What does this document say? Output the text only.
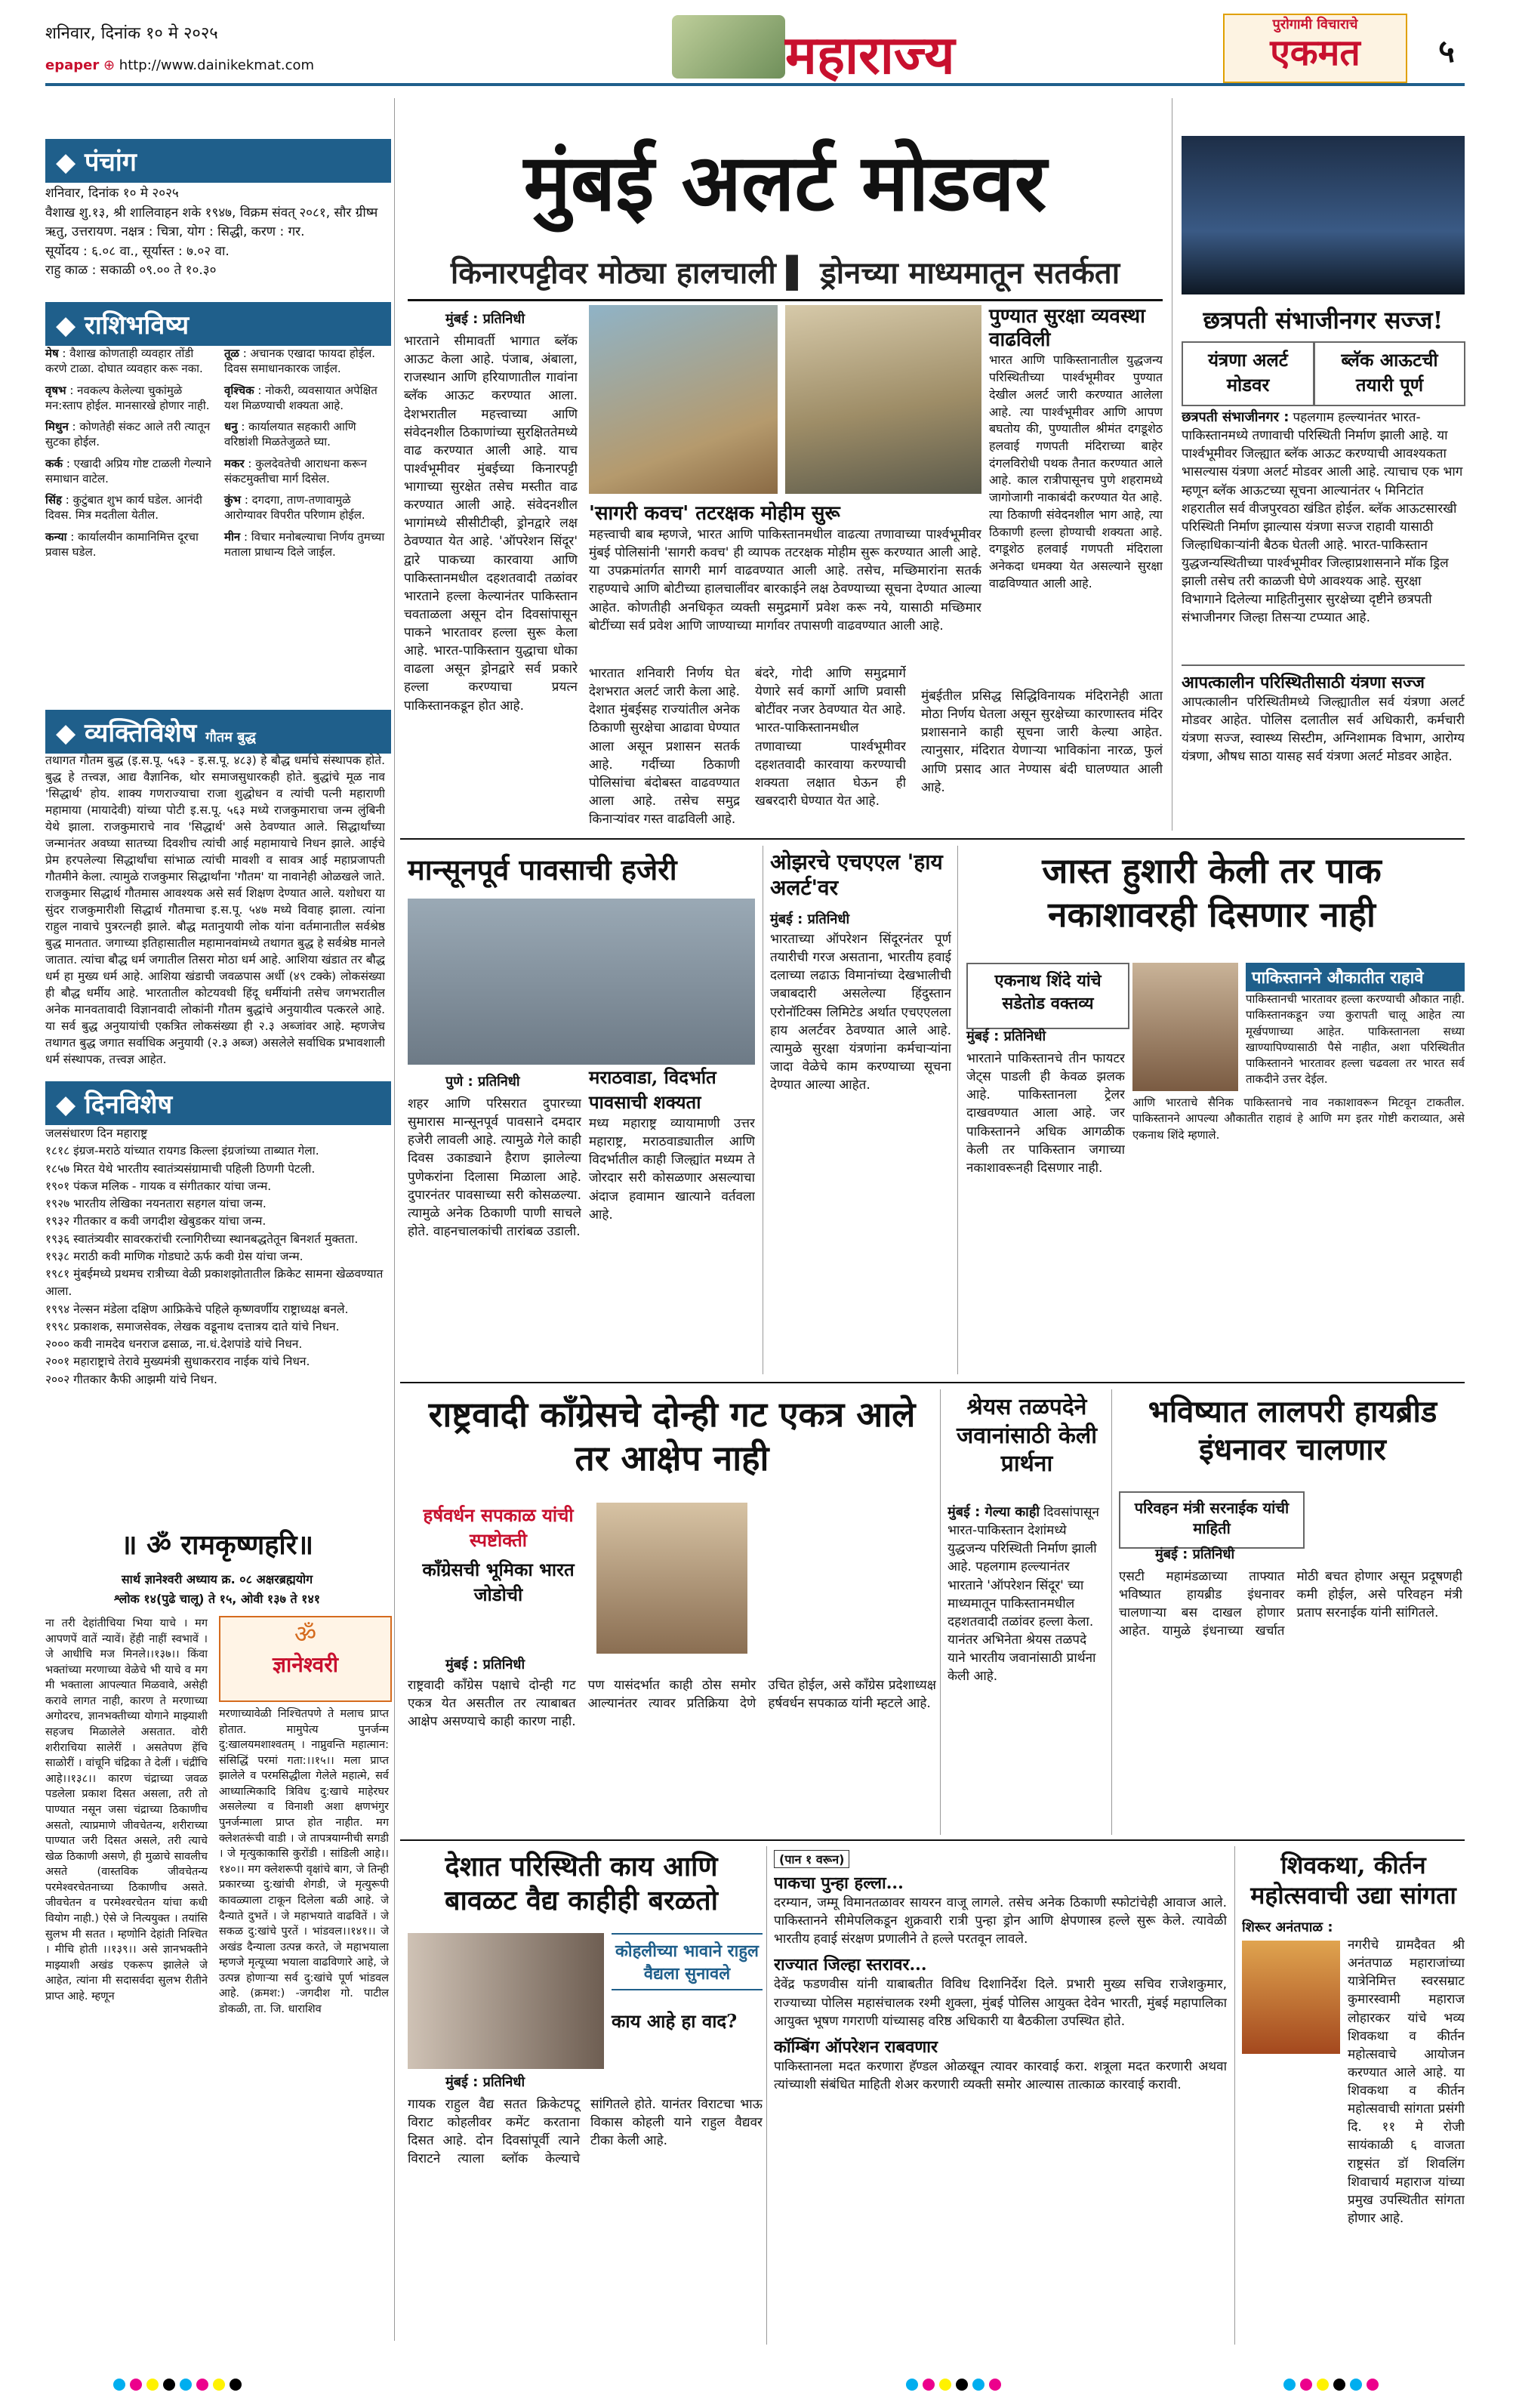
शनिवार, दिनांक १० मे २०२५
epaper ⊕ http://www.dainikekmat.com	महाराज्य	पुरोगामी विचाराचे
एकमत	५
◆ पंचांग
शनिवार, दिनांक १० मे २०२५
वैशाख शु.१३, श्री शालिवाहन शके १९४७, विक्रम संवत् २०८१, सौर ग्रीष्म ऋतु, उत्तरायण. नक्षत्र : चित्रा, योग : सिद्धी, करण : गर.
सूर्योदय : ६.०८ वा., सूर्यास्त : ७.०२ वा.
राहु काळ : सकाळी ०९.०० ते १०.३०
◆ राशिभविष्य
मेष : वैशाख कोणताही व्यवहार तोंडी करणे टाळा. दोघात व्यवहार करू नका.
तूळ : अचानक एखादा फायदा होईल. दिवस समाधानकारक जाईल.
वृषभ : नवकल्प केलेल्या चुकांमुळे मन:स्ताप होईल. मानसारखे होणार नाही.
वृश्चिक : नोकरी, व्यवसायात अपेक्षित यश मिळण्याची शक्यता आहे.
मिथुन : कोणतेही संकट आले तरी त्यातून सुटका होईल.
धनु : कार्यालयात सहकारी आणि वरिष्ठांशी मिळतेजुळते घ्या.
कर्क : एखादी अप्रिय गोष्ट टाळली गेल्याने समाधान वाटेल.
मकर : कुलदेवतेची आराधना करून संकटमुक्तीचा मार्ग दिसेल.
सिंह : कुटुंबात शुभ कार्य घडेल. आनंदी दिवस. मित्र मदतीला येतील.
कुंभ : दगदगा, ताण-तणावामुळे आरोग्यावर विपरीत परिणाम होईल.
कन्या : कार्यालयीन कामानिमित्त दूरचा प्रवास घडेल.
मीन : विचार मनोबल्याचा निर्णय तुमच्या मताला प्राधान्य दिले जाईल.
◆ व्यक्तिविशेष गौतम बुद्ध
तथागत गौतम बुद्ध (इ.स.पू. ५६३ - इ.स.पू. ४८३) हे बौद्ध धर्माचे संस्थापक होते. बुद्ध हे तत्त्वज्ञ, आद्य वैज्ञानिक, थोर समाजसुधारकही होते. बुद्धांचे मूळ नाव 'सिद्धार्थ' होय. शाक्य गणराज्याचा राजा शुद्धोधन व त्यांची पत्नी महाराणी महामाया (मायादेवी) यांच्या पोटी इ.स.पू. ५६३ मध्ये राजकुमाराचा जन्म लुंबिनी येथे झाला. राजकुमाराचे नाव 'सिद्धार्थ' असे ठेवण्यात आले. सिद्धार्थांच्या जन्मानंतर अवघ्या सातच्या दिवशीच त्यांची आई महामायाचे निधन झाले. आईचे प्रेम हरपलेल्या सिद्धार्थांचा सांभाळ त्यांची मावशी व सावत्र आई महाप्रजापती गौतमीने केला. त्यामुळे राजकुमार सिद्धार्थांना 'गौतम' या नावानेही ओळखले जाते. राजकुमार सिद्धार्थ गौतमास आवश्यक असे सर्व शिक्षण देण्यात आले. यशोधरा या सुंदर राजकुमारीशी सिद्धार्थ गौतमाचा इ.स.पू. ५४७ मध्ये विवाह झाला. त्यांना राहुल नावाचे पुत्ररत्नही झाले. बौद्ध मतानुयायी लोक यांना वर्तमानातील सर्वश्रेष्ठ बुद्ध मानतात. जगाच्या इतिहासातील महामानवांमध्ये तथागत बुद्ध हे सर्वश्रेष्ठ मानले जातात. त्यांचा बौद्ध धर्म जगातील तिसरा मोठा धर्म आहे. आशिया खंडात तर बौद्ध धर्म हा मुख्य धर्म आहे. आशिया खंडाची जवळपास अर्धी (४९ टक्के) लोकसंख्या ही बौद्ध धर्मीय आहे. भारतातील कोटयवधी हिंदू धर्मीयांनी तसेच जगभरातील अनेक मानवतावादी विज्ञानवादी लोकांनी गौतम बुद्धांचे अनुयायीत्व पत्करले आहे. या सर्व बुद्ध अनुयायांची एकत्रित लोकसंख्या ही २.३ अब्जांवर आहे. म्हणजेच तथागत बुद्ध जगात सर्वाधिक अनुयायी (२.३ अब्ज) असलेले सर्वाधिक प्रभावशाली धर्म संस्थापक, तत्त्वज्ञ आहेत.
◆ दिनविशेष
जलसंधारण दिन महाराष्ट्र
१८१८ इंग्रज-मराठे यांच्यात रायगड किल्ला इंग्रजांच्या ताब्यात गेला.
१८५७ मिरत येथे भारतीय स्वातंत्र्यसंग्रामाची पहिली ठिणगी पेटली.
१९०१ पंकज मलिक - गायक व संगीतकार यांचा जन्म.
१९२७ भारतीय लेखिका नयनतारा सहगल यांचा जन्म.
१९३२ गीतकार व कवी जगदीश खेबुडकर यांचा जन्म.
१९३६ स्वातंत्र्यवीर सावरकरांची रत्नागिरीच्या स्थानबद्धतेतून बिनशर्त मुक्तता.
१९३८ मराठी कवी माणिक गोडघाटे ऊर्फ कवी ग्रेस यांचा जन्म.
१९८१ मुंबईमध्ये प्रथमच रात्रीच्या वेळी प्रकाशझोतातील क्रिकेट सामना खेळवण्यात आला.
१९९४ नेल्सन मंडेला दक्षिण आफ्रिकेचे पहिले कृष्णवर्णीय राष्ट्राध्यक्ष बनले.
१९९८ प्रकाशक, समाजसेवक, लेखक वडूनाथ दत्तात्रय दाते यांचे निधन.
२००० कवी नामदेव धनराज ढसाळ, ना.धं.देशपांडे यांचे निधन.
२००१ महाराष्ट्राचे तेरावे मुख्यमंत्री सुधाकरराव नाईक यांचे निधन.
२००२ गीतकार कैफी आझमी यांचे निधन.
॥ ॐ रामकृष्णहरि॥
सार्थ ज्ञानेश्वरी अध्याय क्र. ०८ अक्षरब्रह्मयोग
श्लोक १४(पुढे चालू) ते १५, ओवी १३७ ते १४१
ना तरी देहांतीचिया भिया याचे । मग आपणपें वातें न्यावें। हेंही नाहीं स्वभावें । जे आधीचि मज मिनले।।१३७।। किंवा भक्तांच्या मरणाच्या वेळेचे भी याचे व मग मी भक्ताला आपल्यात मिळवावे, असेही करावे लागत नाही, कारण ते मरणाच्या अगोदरच, ज्ञानभक्तीच्या योगाने माझ्याशी सहजच मिळालेले असतात. वोरी शरीराचिया सालेरीं । असतेपण हेंचि साळोरीं । वांचूनि चंद्रिका ते देलीं । चंद्रींचि आहे।।१३८।। कारण चंद्राच्या जवळ पडलेला प्रकाश दिसत असला, तरी तो पाण्यात नसून जसा चंद्राच्या ठिकाणीच असतो, त्याप्रमाणे जीवचेतन्य, शरीराच्या पाण्यात जरी दिसत असले, तरी त्याचे खेळ ठिकाणी असणे, ही मुळाचे सावलीच असते (वास्तविक जीवचेतन्य परमेश्वरचेतनाच्या ठिकाणीच असते. जीवचेतन व परमेश्वरचेतन यांचा कधी वियोग नाही.) ऐसे जे नित्ययुक्त । तयांसि सुलभ मी सतत । म्हणोनि देहांती निश्चित । मीचि होती ।।१३९।। असे ज्ञानभक्तीने माझ्याशी अखंड एकरूप झालेले जे आहेत, त्यांना मी सदासर्वदा सुलभ रीतीने प्राप्त आहे. म्हणून
ॐ
ज्ञानेश्वरी
मरणाच्यावेळी निश्चितपणे ते मलाच प्राप्त होतात. मामुपेत्य पुनर्जन्म दु:खालयमशाश्वतम् । नाप्नुवन्ति महात्मान: संसिद्धिं परमां गता:।।१५।। मला प्राप्त झालेले व परमसिद्धीला गेलेले महात्मे, सर्व आध्यात्मिकादि त्रिविध दु:खाचे माहेरघर असलेल्या व विनाशी अशा क्षणभंगुर पुनर्जन्माला प्राप्त होत नाहीत. मग क्लेशतरूंची वाडी । जे तापत्रयाग्नीची सगडी । जे मृत्युकाकासि कुरोंडी । सांडिली आहे।।१४०।। मग क्लेशरूपी वृक्षांचे बाग, जे तिन्ही प्रकारच्या दु:खांची शेगडी, जे मृत्युरूपी कावळ्याला टाकून दिलेला बळी आहे. जे दैन्याते दुभतें । जे महाभयाते वाढवितें । जे सकळ दु:खांचे पुरतें । भांडवल।।१४१।। जे अखंड दैन्याला उत्पन्न करते, जे महाभयाला म्हणजे मृत्यूच्या भयाला वाढविणारे आहे, जे उत्पन्न होणाऱ्या सर्व दु:खांचे पूर्ण भांडवल आहे. (क्रमश:) -जगदीश गो. पाटील डोकळी, ता. जि. धाराशिव
मुंबई अलर्ट मोडवर
किनारपट्टीवर मोठ्या हालचाली ▌ ड्रोनच्या माध्यमातून सतर्कता
मुंबई : प्रतिनिधी
भारताने सीमावर्ती भागात ब्लॅक आऊट केला आहे. पंजाब, अंबाला, राजस्थान आणि हरियाणातील गावांना ब्लॅक आऊट करण्यात आला. देशभरातील महत्त्वाच्या आणि संवेदनशील ठिकाणांच्या सुरक्षिततेमध्ये वाढ करण्यात आली आहे. याच पार्श्वभूमीवर मुंबईच्या किनारपट्टी भागाच्या सुरक्षेत तसेच मस्तीत वाढ करण्यात आली आहे. संवेदनशील भागांमध्ये सीसीटीव्ही, ड्रोनद्वारे लक्ष ठेवण्यात येत आहे. 'ऑपरेशन सिंदूर' द्वारे पाकच्या कारवाया आणि पाकिस्तानमधील दहशतवादी तळांवर भारताने हल्ला केल्यानंतर पाकिस्तान चवताळला असून दोन दिवसांपासून पाकने भारतावर हल्ला सुरू केला आहे. भारत-पाकिस्तान युद्धाचा धोका वाढला असून ड्रोनद्वारे सर्व प्रकारे हल्ला करण्याचा प्रयत्न पाकिस्तानकडून होत आहे.
'सागरी कवच' तटरक्षक मोहीम सुरू
महत्त्वाची बाब म्हणजे, भारत आणि पाकिस्तानमधील वाढत्या तणावाच्या पार्श्वभूमीवर मुंबई पोलिसांनी 'सागरी कवच' ही व्यापक तटरक्षक मोहीम सुरू करण्यात आली आहे. या उपक्रमांतर्गत सागरी मार्ग वाढवण्यात आली आहे. तसेच, मच्छिमारांना सतर्क राहण्याचे आणि बोटीच्या हालचालींवर बारकाईने लक्ष ठेवण्याच्या सूचना देण्यात आल्या आहेत. कोणतीही अनधिकृत व्यक्ती समुद्रमार्गे प्रवेश करू नये, यासाठी मच्छिमार बोटींच्या सर्व प्रवेश आणि जाण्याच्या मार्गावर तपासणी वाढवण्यात आली आहे.
पुण्यात सुरक्षा व्यवस्था वाढविली
भारत आणि पाकिस्तानातील युद्धजन्य परिस्थितीच्या पार्श्वभूमीवर पुण्यात देखील अलर्ट जारी करण्यात आलेला आहे. त्या पार्श्वभूमीवर आणि आपण बघतोय की, पुण्यातील श्रीमंत दगडूशेठ हलवाई गणपती मंदिराच्या बाहेर दंगलविरोधी पथक तैनात करण्यात आले आहे. काल रात्रीपासूनच पुणे शहरामध्ये जागोजागी नाकाबंदी करण्यात येत आहे. त्या ठिकाणी संवेदनशील भाग आहे, त्या ठिकाणी हल्ला होण्याची शक्यता आहे. दगडूशेठ हलवाई गणपती मंदिराला अनेकदा धमक्या येत असल्याने सुरक्षा वाढविण्यात आली आहे.
भारतात शनिवारी निर्णय घेत देशभरात अलर्ट जारी केला आहे. देशात मुंबईसह राज्यांतील अनेक ठिकाणी सुरक्षेचा आढावा घेण्यात आला असून प्रशासन सतर्क आहे. गर्दीच्या ठिकाणी पोलिसांचा बंदोबस्त वाढवण्यात आला आहे. तसेच समुद्र किनाऱ्यांवर गस्त वाढविली आहे.
बंदरे, गोदी आणि समुद्रमार्गे येणारे सर्व कार्गो आणि प्रवासी बोटींवर नजर ठेवण्यात येत आहे. भारत-पाकिस्तानमधील तणावाच्या पार्श्वभूमीवर दहशतवादी कारवाया करण्याची शक्यता लक्षात घेऊन ही खबरदारी घेण्यात येत आहे.
मुंबईतील प्रसिद्ध सिद्धिविनायक मंदिरानेही आता मोठा निर्णय घेतला असून सुरक्षेच्या कारणास्तव मंदिर प्रशासनाने काही सूचना जारी केल्या आहेत. त्यानुसार, मंदिरात येणाऱ्या भाविकांना नारळ, फुलं आणि प्रसाद आत नेण्यास बंदी घालण्यात आली आहे.
छत्रपती संभाजीनगर सज्ज!
यंत्रणा अलर्ट मोडवर
ब्लॅक आऊटची तयारी पूर्ण
छत्रपती संभाजीनगर : पहलगाम हल्ल्यानंतर भारत-पाकिस्तानमध्ये तणावाची परिस्थिती निर्माण झाली आहे. या पार्श्वभूमीवर जिल्ह्यात ब्लॅक आऊट करण्याची आवश्यकता भासल्यास यंत्रणा अलर्ट मोडवर आली आहे. त्याचाच एक भाग म्हणून ब्लॅक आऊटच्या सूचना आल्यानंतर ५ मिनिटांत शहरातील सर्व वीजपुरवठा खंडित होईल. ब्लॅक आऊटसारखी परिस्थिती निर्माण झाल्यास यंत्रणा सज्ज राहावी यासाठी जिल्हाधिकाऱ्यांनी बैठक घेतली आहे. भारत-पाकिस्तान युद्धजन्यस्थितीच्या पार्श्वभूमीवर जिल्हाप्रशासनाने मॉक ड्रिल झाली तसेच तरी काळजी घेणे आवश्यक आहे. सुरक्षा विभागाने दिलेल्या माहितीनुसार सुरक्षेच्या दृष्टीने छत्रपती संभाजीनगर जिल्हा तिसऱ्या टप्प्यात आहे.
आपत्कालीन परिस्थितीसाठी यंत्रणा सज्ज
आपत्कालीन परिस्थितीमध्ये जिल्ह्यातील सर्व यंत्रणा अलर्ट मोडवर आहेत. पोलिस दलातील सर्व अधिकारी, कर्मचारी यंत्रणा सज्ज, स्वास्थ्य सिस्टीम, अग्निशामक विभाग, आरोग्य यंत्रणा, औषध साठा यासह सर्व यंत्रणा अलर्ट मोडवर आहेत.
मान्सूनपूर्व पावसाची हजेरी
पुणे : प्रतिनिधी
शहर आणि परिसरात दुपारच्या सुमारास मान्सूनपूर्व पावसाने दमदार हजेरी लावली आहे. त्यामुळे गेले काही दिवस उकाड्याने हैराण झालेल्या पुणेकरांना दिलासा मिळाला आहे. दुपारनंतर पावसाच्या सरी कोसळल्या. त्यामुळे अनेक ठिकाणी पाणी साचले होते. वाहनचालकांची तारांबळ उडाली.
मराठवाडा, विदर्भात पावसाची शक्यता
मध्य महाराष्ट्र व्यायामाणी उत्तर महाराष्ट्र, मराठवाड्यातील आणि विदर्भातील काही जिल्ह्यांत मध्यम ते जोरदार सरी कोसळणार असल्याचा अंदाज हवामान खात्याने वर्तवला आहे.
ओझरचे एचएएल 'हाय अलर्ट'वर
मुंबई : प्रतिनिधी
भारताच्या ऑपरेशन सिंदूरनंतर पूर्ण तयारीची गरज असताना, भारतीय हवाई दलाच्या लढाऊ विमानांच्या देखभालीची जबाबदारी असलेल्या हिंदुस्तान एरोनॉटिक्स लिमिटेड अर्थात एचएएलला हाय अलर्टवर ठेवण्यात आले आहे. त्यामुळे सुरक्षा यंत्रणांना कर्मचाऱ्यांना जादा वेळेचे काम करण्याच्या सूचना देण्यात आल्या आहेत.
जास्त हुशारी केली तर पाक नकाशावरही दिसणार नाही
एकनाथ शिंदे यांचे सडेतोड वक्तव्य
पाकिस्तानने औकातीत राहावे
पाकिस्तानची भारतावर हल्ला करण्याची औकात नाही. पाकिस्तानकडून ज्या कुरापती चालू आहेत त्या मूर्खपणाच्या आहेत. पाकिस्तानला सध्या खाण्यापिण्यासाठी पैसे नाहीत, अशा परिस्थितीत पाकिस्तानने भारतावर हल्ला चढवला तर भारत सर्व ताकदीने उत्तर देईल.
आणि भारताचे सैनिक पाकिस्तानचे नाव नकाशावरून मिटवून टाकतील. पाकिस्तानने आपल्या औकातीत राहावं हे आणि मग इतर गोष्टी कराव्यात, असे एकनाथ शिंदे म्हणाले.
मुंबई : प्रतिनिधी
भारताने पाकिस्तानचे तीन फायटर जेट्स पाडली ही केवळ झलक आहे. पाकिस्तानला ट्रेलर दाखवण्यात आला आहे. जर पाकिस्तानने अधिक आगळीक केली तर पाकिस्तान जगाच्या नकाशावरूनही दिसणार नाही.
राष्ट्रवादी काँग्रेसचे दोन्ही गट एकत्र आले तर आक्षेप नाही
हर्षवर्धन सपकाळ यांची स्पष्टोक्ती
काँग्रेसची भूमिका भारत जोडोची
मुंबई : प्रतिनिधी
राष्ट्रवादी काँग्रेस पक्षाचे दोन्ही गट एकत्र येत असतील तर त्याबाबत आक्षेप असण्याचे काही कारण नाही. पण यासंदर्भात काही ठोस समोर आल्यानंतर त्यावर प्रतिक्रिया देणे उचित होईल, असे काँग्रेस प्रदेशाध्यक्ष हर्षवर्धन सपकाळ यांनी म्हटले आहे.
श्रेयस तळपदेने जवानांसाठी केली प्रार्थना
मुंबई : गेल्या काही दिवसांपासून भारत-पाकिस्तान देशांमध्ये युद्धजन्य परिस्थिती निर्माण झाली आहे. पहलगाम हल्ल्यानंतर भारताने 'ऑपरेशन सिंदूर' च्या माध्यमातून पाकिस्तानमधील दहशतवादी तळांवर हल्ला केला. यानंतर अभिनेता श्रेयस तळपदे याने भारतीय जवानांसाठी प्रार्थना केली आहे.
भविष्यात लालपरी हायब्रीड इंधनावर चालणार
परिवहन मंत्री सरनाईक यांची माहिती
मुंबई : प्रतिनिधी
एसटी महामंडळाच्या ताफ्यात भविष्यात हायब्रीड इंधनावर चालणाऱ्या बस दाखल होणार आहेत. यामुळे इंधनाच्या खर्चात मोठी बचत होणार असून प्रदूषणही कमी होईल, असे परिवहन मंत्री प्रताप सरनाईक यांनी सांगितले.
देशात परिस्थिती काय आणि बावळट वैद्य काहीही बरळतो
कोहलीच्या भावाने राहुल वैद्यला सुनावले
काय आहे हा वाद?
मुंबई : प्रतिनिधी
गायक राहुल वैद्य सतत क्रिकेटपटू विराट कोहलीवर कमेंट करताना दिसत आहे. दोन दिवसांपूर्वी त्याने विराटने त्याला ब्लॉक केल्याचे सांगितले होते. यानंतर विराटचा भाऊ विकास कोहली याने राहुल वैद्यवर टीका केली आहे.
(पान १ वरून)
पाकचा पुन्हा हल्ला...
दरम्यान, जम्मू विमानतळावर सायरन वाजू लागले. तसेच अनेक ठिकाणी स्फोटांचेही आवाज आले. पाकिस्तानने सीमेपलिकडून शुक्रवारी रात्री पुन्हा ड्रोन आणि क्षेपणास्त्र हल्ले सुरू केले. त्यावेळी भारतीय हवाई संरक्षण प्रणालीने ते हल्ले परतवून लावले.
राज्यात जिल्हा स्तरावर...
देवेंद्र फडणवीस यांनी याबाबतीत विविध दिशानिर्देश दिले. प्रभारी मुख्य सचिव राजेशकुमार, राज्याच्या पोलिस महासंचालक रश्मी शुक्ला, मुंबई पोलिस आयुक्त देवेन भारती, मुंबई महापालिका आयुक्त भूषण गगराणी यांच्यासह वरिष्ठ अधिकारी या बैठकीला उपस्थित होते.
कॉम्बिंग ऑपरेशन राबवणार
पाकिस्तानला मदत करणारा हॅण्डल ओळखून त्यावर कारवाई करा. शत्रूला मदत करणारी अथवा त्यांच्याशी संबंधित माहिती शेअर करणारी व्यक्ती समोर आल्यास तात्काळ कारवाई करावी.
शिवकथा, कीर्तन महोत्सवाची उद्या सांगता
शिरूर अनंतपाळ :
नगरीचे ग्रामदैवत श्री अनंतपाळ महाराजांच्या यात्रेनिमित्त स्वरसम्राट कुमारस्वामी महाराज लोहारकर यांचे भव्य शिवकथा व कीर्तन महोत्सवाचे आयोजन करण्यात आले आहे. या शिवकथा व कीर्तन महोत्सवाची सांगता प्रसंगी दि. ११ मे रोजी सायंकाळी ६ वाजता राष्ट्रसंत डॉ शिवलिंग शिवाचार्य महाराज यांच्या प्रमुख उपस्थितीत सांगता होणार आहे.
